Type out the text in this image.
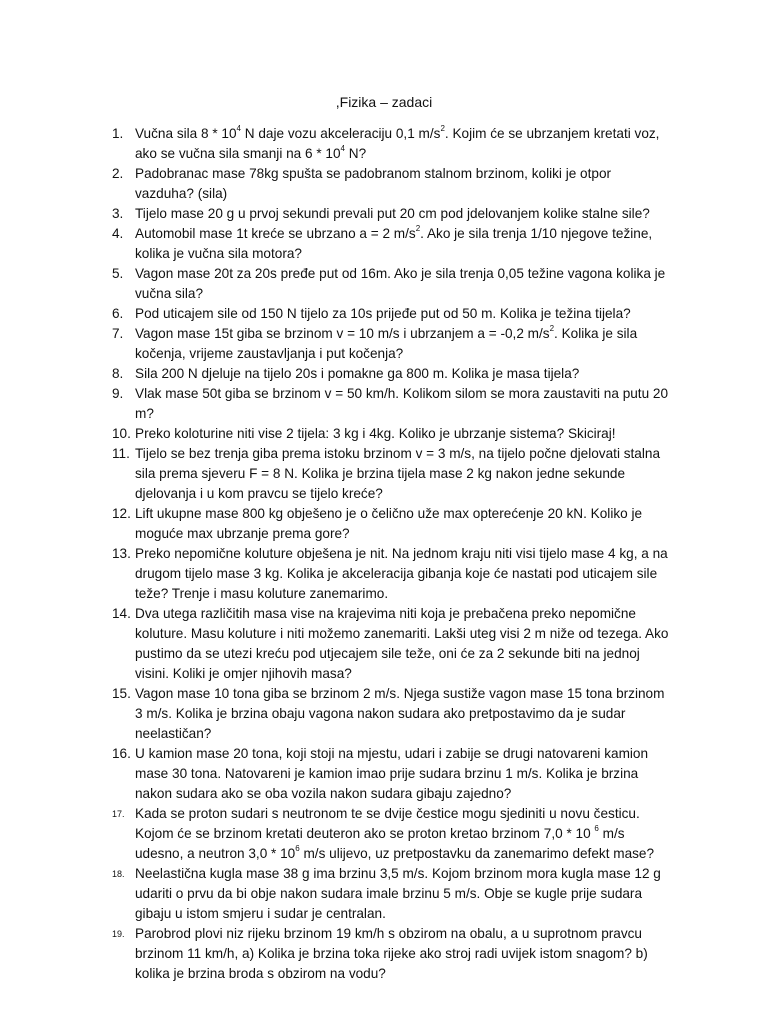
,Fizika – zadaci
1. Vučna sila $8 * 10^4$ N daje vozu akceleraciju 0,1 $m/s^2$. Kojim će se ubrzanjem kretati voz, ako se vučna sila smanji na $6 * 10^4$ N?
2. Padobranac mase 78kg spušta se padobranom stalnom brzinom, koliki je otpor vazduha? (sila)
3. Tijelo mase 20 g u prvoj sekundi prevali put 20 cm pod jdelovanjem kolike stalne sile?
4. Automobil mase 1t kreće se ubrzano a = 2 $m/s^2$. Ako je sila trenja 1/10 njegove težine, kolika je vučna sila motora?
5. Vagon mase 20t za 20s pređe put od 16m. Ako je sila trenja 0,05 težine vagona kolika je vučna sila?
6. Pod uticajem sile od 150 N tijelo za 10s prijeđe put od 50 m. Kolika je težina tijela?
7. Vagon mase 15t giba se brzinom v = 10 m/s i ubrzanjem a = -0,2 $m/s^2$. Kolika je sila kočenja, vrijeme zaustavljanja i put kočenja?
8. Sila 200 N djeluje na tijelo 20s i pomakne ga 800 m. Kolika je masa tijela?
9. Vlak mase 50t giba se brzinom v = 50 km/h. Kolikom silom se mora zaustaviti na putu 20 m?
10. Preko koloturine niti vise 2 tijela: 3 kg i 4kg. Koliko je ubrzanje sistema? Skiciraj!
11. Tijelo se bez trenja giba prema istoku brzinom v = 3 m/s, na tijelo počne djelovati stalna sila prema sjeveru F = 8 N. Kolika je brzina tijela mase 2 kg nakon jedne sekunde djelovanja i u kom pravcu se tijelo kreće?
12. Lift ukupne mase 800 kg obješeno je o čelično uže max opterećenje 20 kN. Koliko je moguće max ubrzanje prema gore?
13. Preko nepomične koluture obješena je nit. Na jednom kraju niti visi tijelo mase 4 kg, a na drugom tijelo mase 3 kg. Kolika je akceleracija gibanja koje će nastati pod uticajem sile teže? Trenje i masu koluture zanemarimo.
14. Dva utega različitih masa vise na krajevima niti koja je prebačena preko nepomične koluture. Masu koluture i niti možemo zanemariti. Lakši uteg visi 2 m niže od tezega. Ako pustimo da se utezi kreću pod utjecajem sile teže, oni će za 2 sekunde biti na jednoj visini. Koliki je omjer njihovih masa?
15. Vagon mase 10 tona giba se brzinom 2 m/s. Njega sustiže vagon mase 15 tona brzinom 3 m/s. Kolika je brzina obaju vagona nakon sudara ako pretpostavimo da je sudar neelastičan?
16. U kamion mase 20 tona, koji stoji na mjestu, udari i zabije se drugi natovareni kamion mase 30 tona. Natovareni je kamion imao prije sudara brzinu 1 m/s. Kolika je brzina nakon sudara ako se oba vozila nakon sudara gibaju zajedno?
17. Kada se proton sudari s neutronom te se dvije čestice mogu sjediniti u novu česticu. Kojom će se brzinom kretati deuteron ako se proton kretao brzinom 7,0 * 10 $^6$ m/s udesno, a neutron $3,0 * 10^6$ m/s ulijevo, uz pretpostavku da zanemarimo defekt mase?
18. Neelastična kugla mase 38 g ima brzinu 3,5 m/s. Kojom brzinom mora kugla mase 12 g udariti o prvu da bi obje nakon sudara imale brzinu 5 m/s. Obje se kugle prije sudara gibaju u istom smjeru i sudar je centralan.
19. Parobrod plovi niz rijeku brzinom 19 km/h s obzirom na obalu, a u suprotnom pravcu brzinom 11 km/h, a) Kolika je brzina toka rijeke ako stroj radi uvijek istom snagom? b) kolika je brzina broda s obzirom na vodu?
